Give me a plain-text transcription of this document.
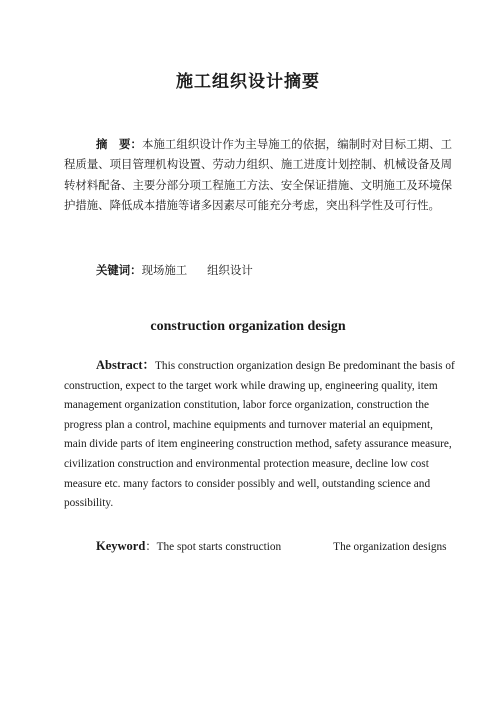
施工组织设计摘要
摘　要：本施工组织设计作为主导施工的依据，编制时对目标工期、工程质量、项目管理机构设置、劳动力组织、施工进度计划控制、机械设备及周转材料配备、主要分部分项工程施工方法、安全保证措施、文明施工及环境保护措施、降低成本措施等诸多因素尽可能充分考虑，突出科学性及可行性。
关键词：现场施工 组织设计
construction organization design
Abstract：This construction organization design Be predominant the basis of construction, expect to the target work while drawing up, engineering quality, item management organization constitution, labor force organization, construction the progress plan a control, machine equipments and turnover material an equipment, main divide parts of item engineering construction method, safety assurance measure, civilization construction and environmental protection measure, decline low cost measure etc. many factors to consider possibly and well, outstanding science and possibility.
Keyword：The spot starts construction	The organization designs
